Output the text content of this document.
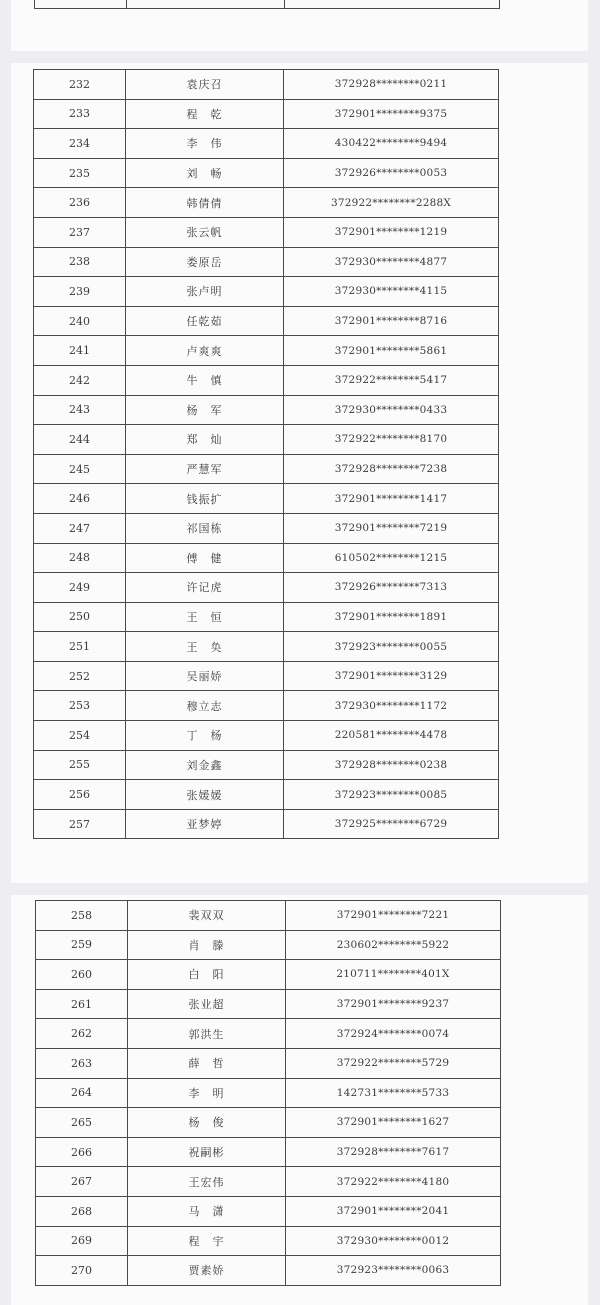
232	袁庆召	372928********0211
233	程　乾	372901********9375
234	李　伟	430422********9494
235	刘　畅	372926********0053
236	韩倩倩	372922********2288X
237	张云帆	372901********1219
238	娄原岳	372930********4877
239	张卢明	372930********4115
240	任乾茹	372901********8716
241	卢爽爽	372901********5861
242	牛　慎	372922********5417
243	杨　军	372930********0433
244	郑　灿	372922********8170
245	严慧军	372928********7238
246	钱振扩	372901********1417
247	祁国栋	372901********7219
248	傅　健	610502********1215
249	许记虎	372926********7313
250	王　恒	372901********1891
251	王　奂	372923********0055
252	吴丽娇	372901********3129
253	穆立志	372930********1172
254	丁　杨	220581********4478
255	刘金鑫	372928********0238
256	张媛媛	372923********0085
257	亚梦婷	372925********6729
258	裴双双	372901********7221
259	肖　滕	230602********5922
260	白　阳	210711********401X
261	张业超	372901********9237
262	郭洪生	372924********0074
263	薛　哲	372922********5729
264	李　明	142731********5733
265	杨　俊	372901********1627
266	祝嗣彬	372928********7617
267	王宏伟	372922********4180
268	马　潇	372901********2041
269	程　宇	372930********0012
270	贾素娇	372923********0063
